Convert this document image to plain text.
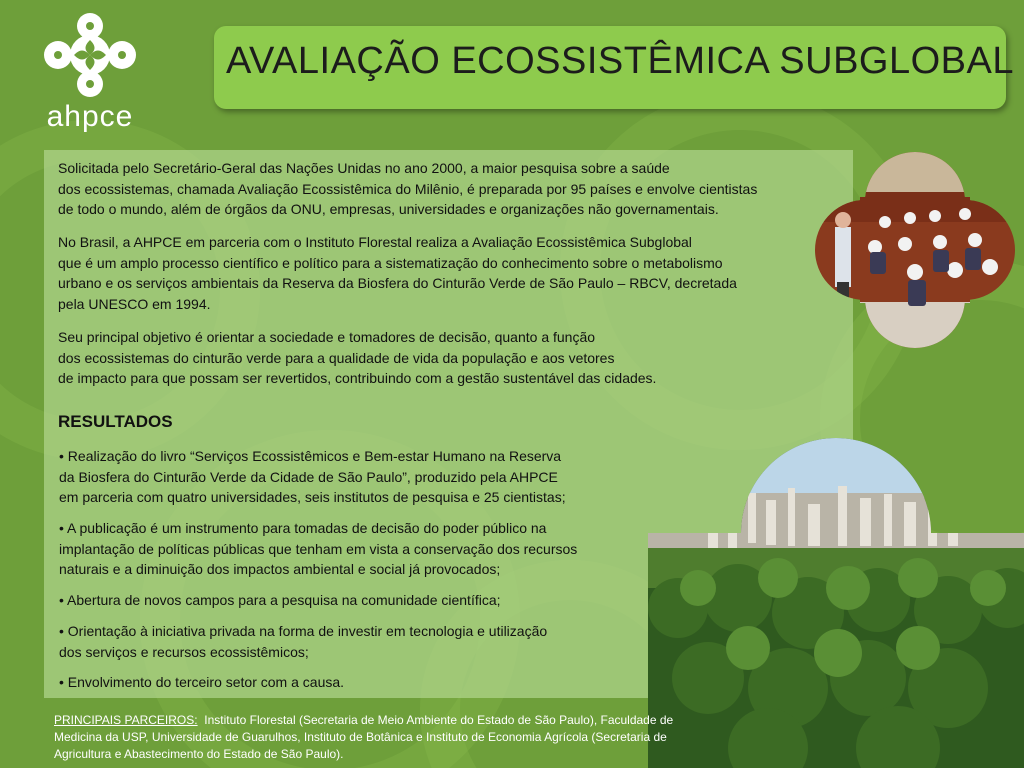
ahpce
AVALIAÇÃO ECOSSISTÊMICA SUBGLOBAL

Solicitada pelo Secretário-Geral das Nações Unidas no ano 2000, a maior pesquisa sobre a saúde
dos ecossistemas, chamada Avaliação Ecossistêmica do Milênio, é preparada por 95 países e envolve cientistas
de todo o mundo, além de órgãos da ONU, empresas, universidades e organizações não governamentais.

No Brasil, a AHPCE em parceria com o Instituto Florestal realiza a Avaliação Ecossistêmica Subglobal
que é um amplo processo científico e político para a sistematização do conhecimento sobre o metabolismo
urbano e os serviços ambientais da Reserva da Biosfera do Cinturão Verde de São Paulo – RBCV, decretada
pela UNESCO em 1994.

Seu principal objetivo é orientar a sociedade e tomadores de decisão, quanto a função
dos ecossistemas do cinturão verde para a qualidade de vida da população e aos vetores
de impacto para que possam ser revertidos, contribuindo com a gestão sustentável das cidades.

RESULTADOS
• Realização do livro “Serviços Ecossistêmicos e Bem-estar Humano na Reserva
da Biosfera do Cinturão Verde da Cidade de São Paulo”, produzido pela AHPCE
em parceria com quatro universidades, seis institutos de pesquisa e 25 cientistas;
• A publicação é um instrumento para tomadas de decisão do poder público na
implantação de políticas públicas que tenham em vista a conservação dos recursos
naturais e a diminuição dos impactos ambiental e social já provocados;
• Abertura de novos campos para a pesquisa na comunidade científica;
• Orientação à iniciativa privada na forma de investir em tecnologia e utilização
dos serviços e recursos ecossistêmicos;
• Envolvimento do terceiro setor com a causa.
PRINCIPAIS PARCEIROS: Instituto Florestal (Secretaria de Meio Ambiente do Estado de São Paulo), Faculdade de Medicina da USP, Universidade de Guarulhos, Instituto de Botânica e Instituto de Economia Agrícola (Secretaria de Agricultura e Abastecimento do Estado de São Paulo).
